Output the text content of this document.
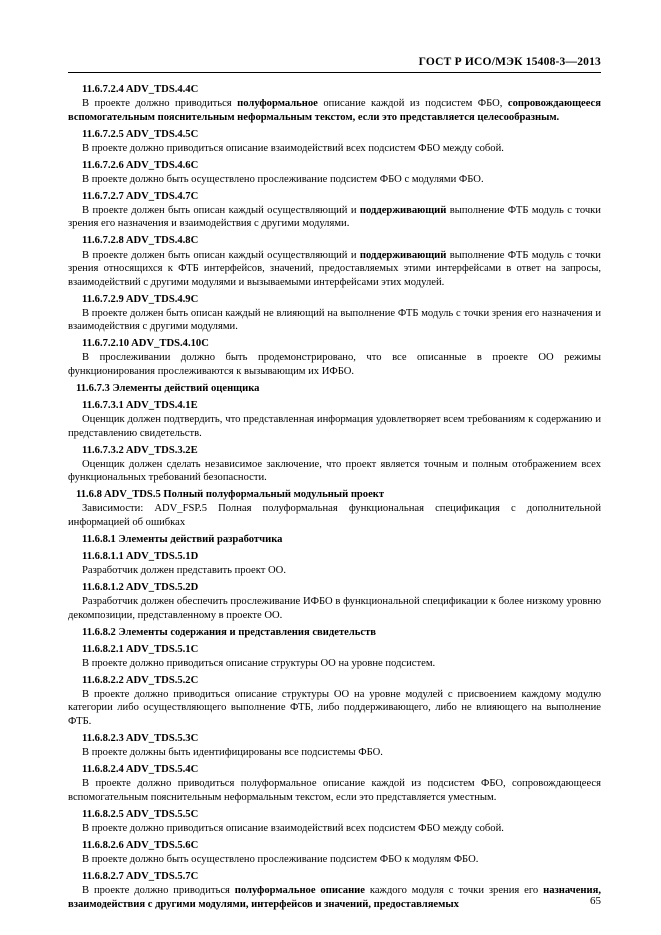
ГОСТ Р ИСО/МЭК 15408-3—2013
11.6.7.2.4 ADV_TDS.4.4C
В проекте должно приводиться полуформальное описание каждой из подсистем ФБО, сопровождающееся вспомогательным пояснительным неформальным текстом, если это представляется целесообразным.
11.6.7.2.5 ADV_TDS.4.5C
В проекте должно приводиться описание взаимодействий всех подсистем ФБО между собой.
11.6.7.2.6 ADV_TDS.4.6C
В проекте должно быть осуществлено прослеживание подсистем ФБО с модулями ФБО.
11.6.7.2.7 ADV_TDS.4.7C
В проекте должен быть описан каждый осуществляющий и поддерживающий выполнение ФТБ модуль с точки зрения его назначения и взаимодействия с другими модулями.
11.6.7.2.8 ADV_TDS.4.8C
В проекте должен быть описан каждый осуществляющий и поддерживающий выполнение ФТБ модуль с точки зрения относящихся к ФТБ интерфейсов, значений, предоставляемых этими интерфейсами в ответ на запросы, взаимодействий с другими модулями и вызываемыми интерфейсами этих модулей.
11.6.7.2.9 ADV_TDS.4.9C
В проекте должен быть описан каждый не влияющий на выполнение ФТБ модуль с точки зрения его назначения и взаимодействия с другими модулями.
11.6.7.2.10 ADV_TDS.4.10C
В прослеживании должно быть продемонстрировано, что все описанные в проекте ОО режимы функционирования прослеживаются к вызывающим их ИФБО.
11.6.7.3 Элементы действий оценщика
11.6.7.3.1 ADV_TDS.4.1E
Оценщик должен подтвердить, что представленная информация удовлетворяет всем требованиям к содержанию и представлению свидетельств.
11.6.7.3.2 ADV_TDS.3.2E
Оценщик должен сделать независимое заключение, что проект является точным и полным отображением всех функциональных требований безопасности.
11.6.8 ADV_TDS.5 Полный полуформальный модульный проект
Зависимости: ADV_FSP.5 Полная полуформальная функциональная спецификация с дополнительной информацией об ошибках
11.6.8.1 Элементы действий разработчика
11.6.8.1.1 ADV_TDS.5.1D
Разработчик должен представить проект ОО.
11.6.8.1.2 ADV_TDS.5.2D
Разработчик должен обеспечить прослеживание ИФБО в функциональной спецификации к более низкому уровню декомпозиции, представленному в проекте ОО.
11.6.8.2 Элементы содержания и представления свидетельств
11.6.8.2.1 ADV_TDS.5.1C
В проекте должно приводиться описание структуры ОО на уровне подсистем.
11.6.8.2.2 ADV_TDS.5.2C
В проекте должно приводиться описание структуры ОО на уровне модулей с присвоением каждому модулю категории либо осуществляющего выполнение ФТБ, либо поддерживающего, либо не влияющего на выполнение ФТБ.
11.6.8.2.3 ADV_TDS.5.3C
В проекте должны быть идентифицированы все подсистемы ФБО.
11.6.8.2.4 ADV_TDS.5.4C
В проекте должно приводиться полуформальное описание каждой из подсистем ФБО, сопровождающееся вспомогательным пояснительным неформальным текстом, если это представляется уместным.
11.6.8.2.5 ADV_TDS.5.5C
В проекте должно приводиться описание взаимодействий всех подсистем ФБО между собой.
11.6.8.2.6 ADV_TDS.5.6C
В проекте должно быть осуществлено прослеживание подсистем ФБО к модулям ФБО.
11.6.8.2.7 ADV_TDS.5.7C
В проекте должно приводиться полуформальное описание каждого модуля с точки зрения его назначения, взаимодействия с другими модулями, интерфейсов и значений, предоставляемых	65
